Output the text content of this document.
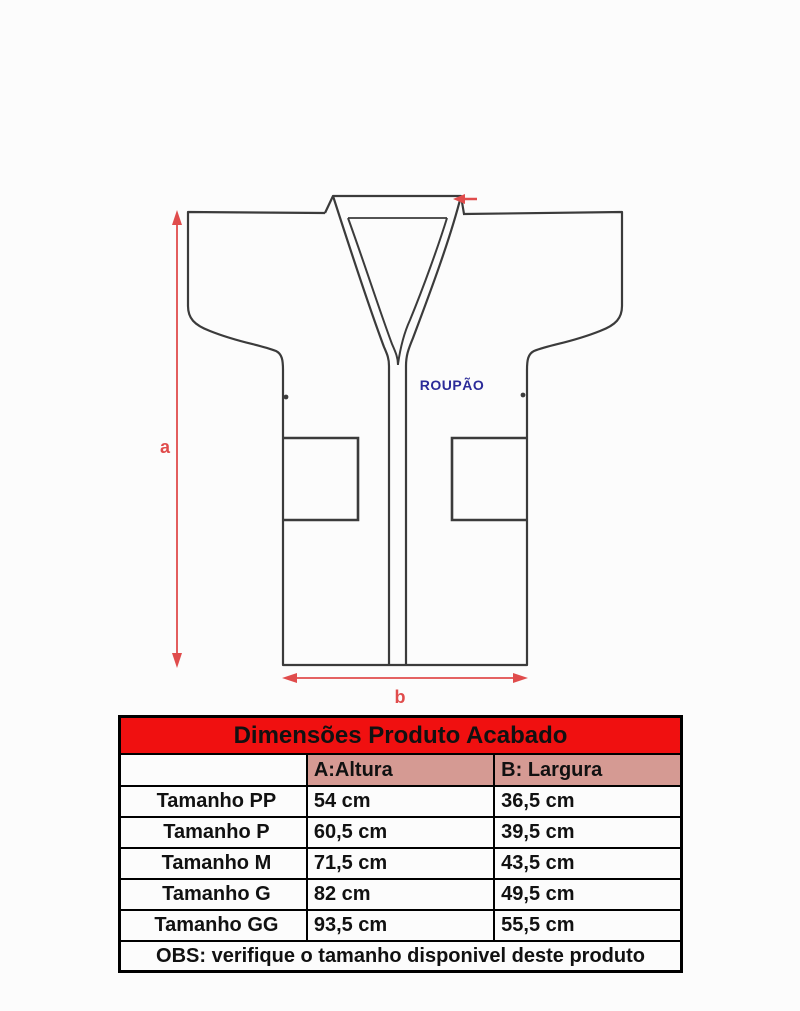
a
b
ROUPÃO
Dimensões Produto Acabado		
	A:Altura	B: Largura
Tamanho PP	54 cm	36,5 cm
Tamanho P	60,5 cm	39,5 cm
Tamanho M	71,5 cm	43,5 cm
Tamanho G	82 cm	49,5 cm
Tamanho GG	93,5 cm	55,5 cm
OBS: verifique o tamanho disponivel deste produto		
